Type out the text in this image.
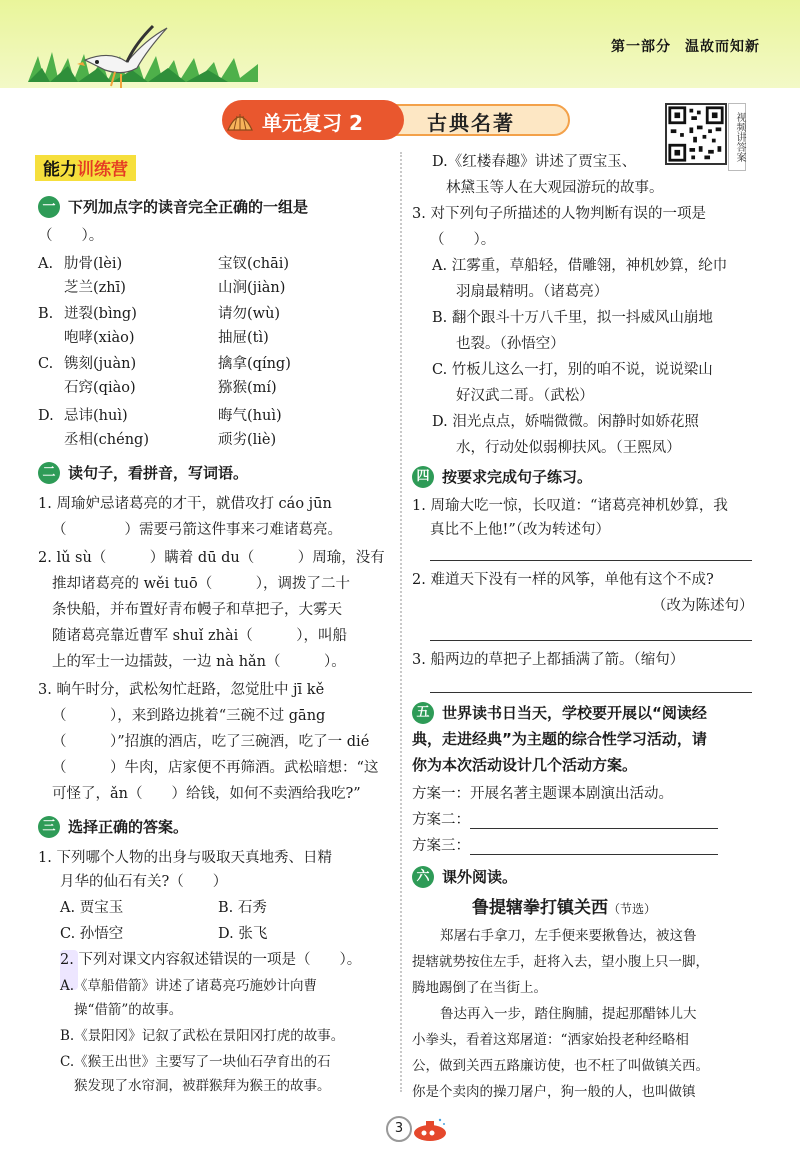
第一部分 温故而知新
单元复习 2	古典名著	视频讲答案
能力训练营
一 下列加点字的读音完全正确的一组是
（　　）。
A. 肋骨(lèi)	宝钗(chāi)
芝兰(zhī)	山涧(jiàn)
B. 迸裂(bìng)	请勿(wù)
咆哮(xiào)	抽屉(tì)
C. 镌刻(juàn)	擒拿(qíng)
石窍(qiào)	猕猴(mí)
D. 忌讳(huì)	晦气(huì)
丞相(chéng)	顽劣(liè)
二 读句子，看拼音，写词语。
1. 周瑜妒忌诸葛亮的才干，就借攻打 cáo jūn
（　　　　）需要弓箭这件事来刁难诸葛亮。
2. lǔ sù（　　　）瞒着 dū du（　　　）周瑜，没有
推却诸葛亮的 wěi tuō（　　　），调拨了二十
条快船，并布置好青布幔子和草把子，大雾天
随诸葛亮靠近曹军 shuǐ zhài（　　　），叫船
上的军士一边擂鼓，一边 nà hǎn（　　　）。
3. 晌午时分，武松匆忙赶路，忽觉肚中 jī kě
（　　　），来到路边挑着“三碗不过 gāng
（　　　）”招旗的酒店，吃了三碗酒，吃了一 dié
（　　　）牛肉，店家便不再筛酒。武松暗想：“这
可怪了，ǎn（　　）给钱，如何不卖酒给我吃?”
三 选择正确的答案。
1. 下列哪个人物的出身与吸取天真地秀、日精
月华的仙石有关?（　　）
A. 贾宝玉	B. 石秀
C. 孙悟空	D. 张飞
2. 下列对课文内容叙述错误的一项是（　　）。
A.《草船借箭》讲述了诸葛亮巧施妙计向曹
操“借箭”的故事。
B.《景阳冈》记叙了武松在景阳冈打虎的故事。
C.《猴王出世》主要写了一块仙石孕育出的石
猴发现了水帘洞，被群猴拜为猴王的故事。
D.《红楼春趣》讲述了贾宝玉、
林黛玉等人在大观园游玩的故事。
3. 对下列句子所描述的人物判断有误的一项是
（　　）。
A. 江雾重，草船轻，借雕翎，神机妙算，纶巾
羽扇最精明。（诸葛亮）
B. 翻个跟斗十万八千里，拟一抖威风山崩地
也裂。（孙悟空）
C. 竹板儿这么一打，别的咱不说，说说梁山
好汉武二哥。（武松）
D. 泪光点点，娇喘微微。闲静时如娇花照
水，行动处似弱柳扶风。（王熙凤）
四 按要求完成句子练习。
1. 周瑜大吃一惊，长叹道：“诸葛亮神机妙算，我
真比不上他!”（改为转述句）
2. 难道天下没有一样的风筝，单他有这个不成?
（改为陈述句）
3. 船两边的草把子上都插满了箭。（缩句）
五 世界读书日当天，学校要开展以“阅读经
典，走进经典”为主题的综合性学习活动，请
你为本次活动设计几个活动方案。
方案一：开展名著主题课本剧演出活动。
方案二：
方案三：
六 课外阅读。
鲁提辖拳打镇关西（节选）
郑屠右手拿刀，左手便来要揪鲁达，被这鲁
提辖就势按住左手，赶将入去，望小腹上只一脚，
腾地踢倒了在当街上。
鲁达再入一步，踏住胸脯，提起那醋钵儿大
小拳头，看着这郑屠道：“洒家始投老种经略相
公，做到关西五路廉访使，也不枉了叫做镇关西。
你是个卖肉的操刀屠户，狗一般的人，也叫做镇
3
